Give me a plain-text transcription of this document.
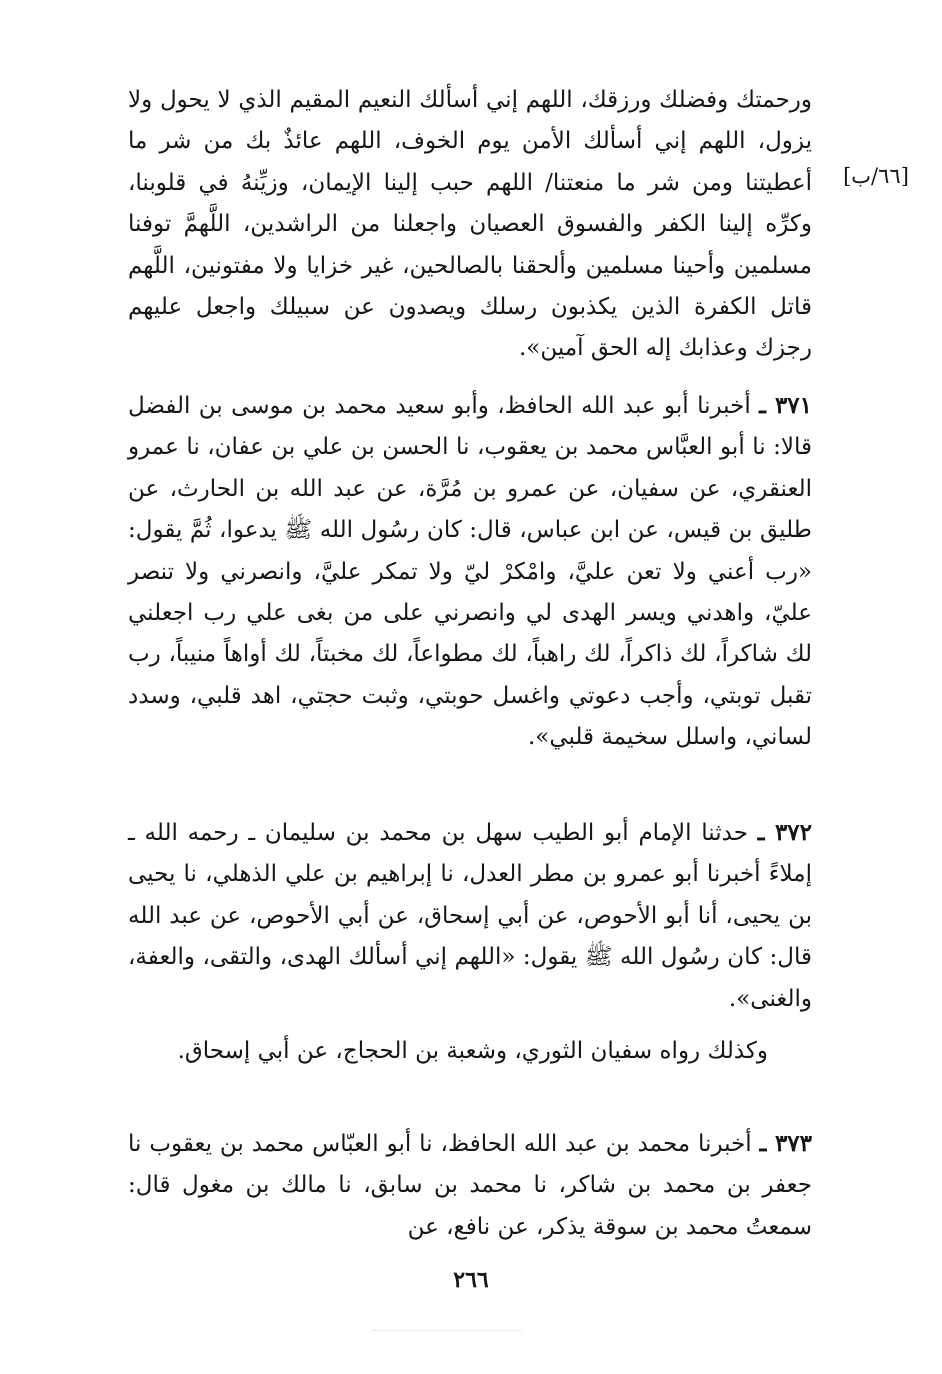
[٦٦/ب]

ورحمتك وفضلك ورزقك، اللهم إني أسألك النعيم المقيم الذي لا يحول ولا يزول، اللهم إني أسألك الأمن يوم الخوف، اللهم عائذٌ بك من شر ما أعطيتنا ومن شر ما منعتنا/ اللهم حبب إلينا الإيمان، وزيِّنهُ في قلوبنا، وكرِّه إلينا الكفر والفسوق العصيان واجعلنا من الراشدين، اللَّهمَّ توفنا مسلمين وأحينا مسلمين وألحقنا بالصالحين، غير خزايا ولا مفتونين، اللَّهم قاتل الكفرة الذين يكذبون رسلك ويصدون عن سبيلك واجعل عليهم رجزك وعذابك إله الحق آمين».

٣٧١ ـ أخبرنا أبو عبد الله الحافظ، وأبو سعيد محمد بن موسى بن الفضل قالا: نا أبو العبَّاس محمد بن يعقوب، نا الحسن بن علي بن عفان، نا عمرو العنقري، عن سفيان، عن عمرو بن مُرَّة، عن عبد الله بن الحارث، عن طليق بن قيس، عن ابن عباس، قال: كان رسُول الله ﷺ يدعوا، ثُمَّ يقول: «رب أعني ولا تعن عليَّ، وامْكرْ ليّ ولا تمكر عليَّ، وانصرني ولا تنصر عليّ، واهدني ويسر الهدى لي وانصرني على من بغى علي رب اجعلني لك شاكراً، لك ذاكراً، لك راهباً، لك مطواعاً، لك مخبتاً، لك أواهاً منيباً، رب تقبل توبتي، وأجب دعوتي واغسل حوبتي، وثبت حجتي، اهد قلبي، وسدد لساني، واسلل سخيمة قلبي».

٣٧٢ ـ حدثنا الإمام أبو الطيب سهل بن محمد بن سليمان ـ رحمه الله ـ إملاءً أخبرنا أبو عمرو بن مطر العدل، نا إبراهيم بن علي الذهلي، نا يحيى بن يحيى، أنا أبو الأحوص، عن أبي إسحاق، عن أبي الأحوص، عن عبد الله قال: كان رسُول الله ﷺ يقول: «اللهم إني أسألك الهدى، والتقى، والعفة، والغنى».

وكذلك رواه سفيان الثوري، وشعبة بن الحجاج، عن أبي إسحاق.

٣٧٣ ـ أخبرنا محمد بن عبد الله الحافظ، نا أبو العبّاس محمد بن يعقوب نا جعفر بن محمد بن شاكر، نا محمد بن سابق، نا مالك بن مغول قال: سمعتُ محمد بن سوقة يذكر، عن نافع، عن

٢٦٦
